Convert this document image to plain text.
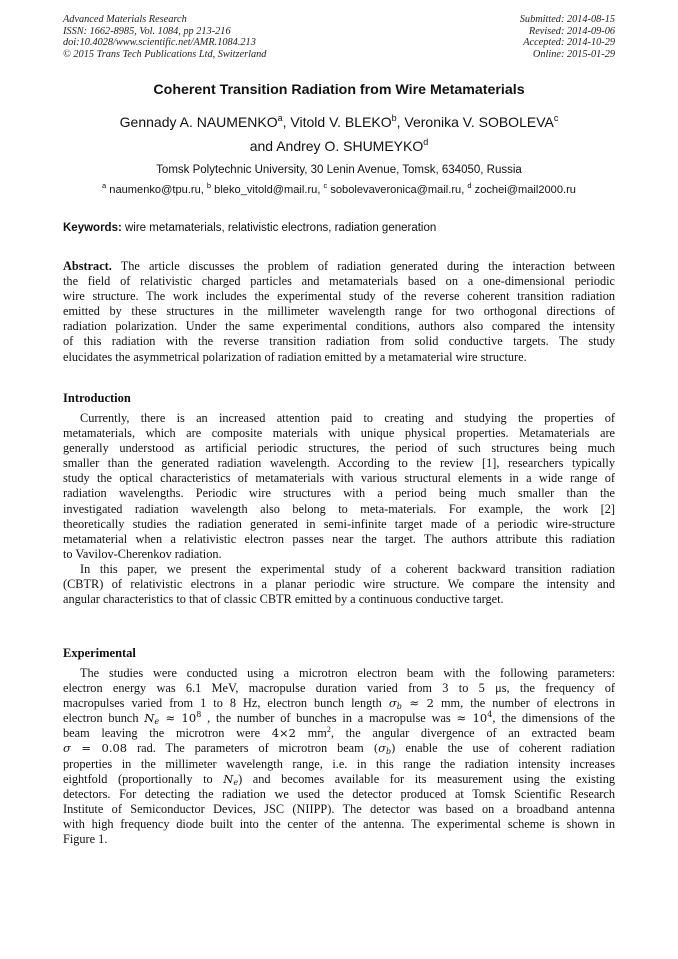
Advanced Materials Research
ISSN: 1662-8985, Vol. 1084, pp 213-216
doi:10.4028/www.scientific.net/AMR.1084.213
© 2015 Trans Tech Publications Ltd, Switzerland
Submitted: 2014-08-15
Revised: 2014-09-06
Accepted: 2014-10-29
Online: 2015-01-29
Coherent Transition Radiation from Wire Metamaterials
Gennady A. NAUMENKO$^a$, Vitold V. BLEKO$^b$, Veronika V. SOBOLEVA$^c$
and Andrey O. SHUMEYKO$^d$
Tomsk Polytechnic University, 30 Lenin Avenue, Tomsk, 634050, Russia
$^a$ naumenko@tpu.ru, $^b$ bleko_vitold@mail.ru, $^c$ sobolevaveronica@mail.ru, $^d$ zochei@mail2000.ru
Keywords: wire metamaterials, relativistic electrons, radiation generation
Abstract. The article discusses the problem of radiation generated during the interaction between
the field of relativistic charged particles and metamaterials based on a one-dimensional periodic
wire structure. The work includes the experimental study of the reverse coherent transition radiation
emitted by these structures in the millimeter wavelength range for two orthogonal directions of
radiation polarization. Under the same experimental conditions, authors also compared the intensity
of this radiation with the reverse transition radiation from solid conductive targets. The study
elucidates the asymmetrical polarization of radiation emitted by a metamaterial wire structure.
Introduction
Currently, there is an increased attention paid to creating and studying the properties of
metamaterials, which are composite materials with unique physical properties. Metamaterials are
generally understood as artificial periodic structures, the period of such structures being much
smaller than the generated radiation wavelength. According to the review [1], researchers typically
study the optical characteristics of metamaterials with various structural elements in a wide range of
radiation wavelengths. Periodic wire structures with a period being much smaller than the
investigated radiation wavelength also belong to meta-materials. For example, the work [2]
theoretically studies the radiation generated in semi-infinite target made of a periodic wire-structure
metamaterial when a relativistic electron passes near the target. The authors attribute this radiation
to Vavilov-Cherenkov radiation.
In this paper, we present the experimental study of a coherent backward transition radiation
(CBTR) of relativistic electrons in a planar periodic wire structure. We compare the intensity and
angular characteristics to that of classic CBTR emitted by a continuous conductive target.
Experimental
The studies were conducted using a microtron electron beam with the following parameters:
electron energy was 6.1 MeV, macropulse duration varied from 3 to 5 μs, the frequency of
macropulses varied from 1 to 8 Hz, electron bunch length $\sigma_b \approx 2$ mm, the number of electrons in
electron bunch $N_e \approx 10^8$ , the number of bunches in a macropulse was ≈ $10^4$, the dimensions of the
beam leaving the microtron were 4×2 $mm^2$, the angular divergence of an extracted beam
σ = 0.08 rad. The parameters of microtron beam $(\sigma_b)$ enable the use of coherent radiation
properties in the millimeter wavelength range, i.e. in this range the radiation intensity increases
eightfold (proportionally to $N_e$) and becomes available for its measurement using the existing
detectors. For detecting the radiation we used the detector produced at Tomsk Scientific Research
Institute of Semiconductor Devices, JSC (NIIPP). The detector was based on a broadband antenna
with high frequency diode built into the center of the antenna. The experimental scheme is shown in
Figure 1.
